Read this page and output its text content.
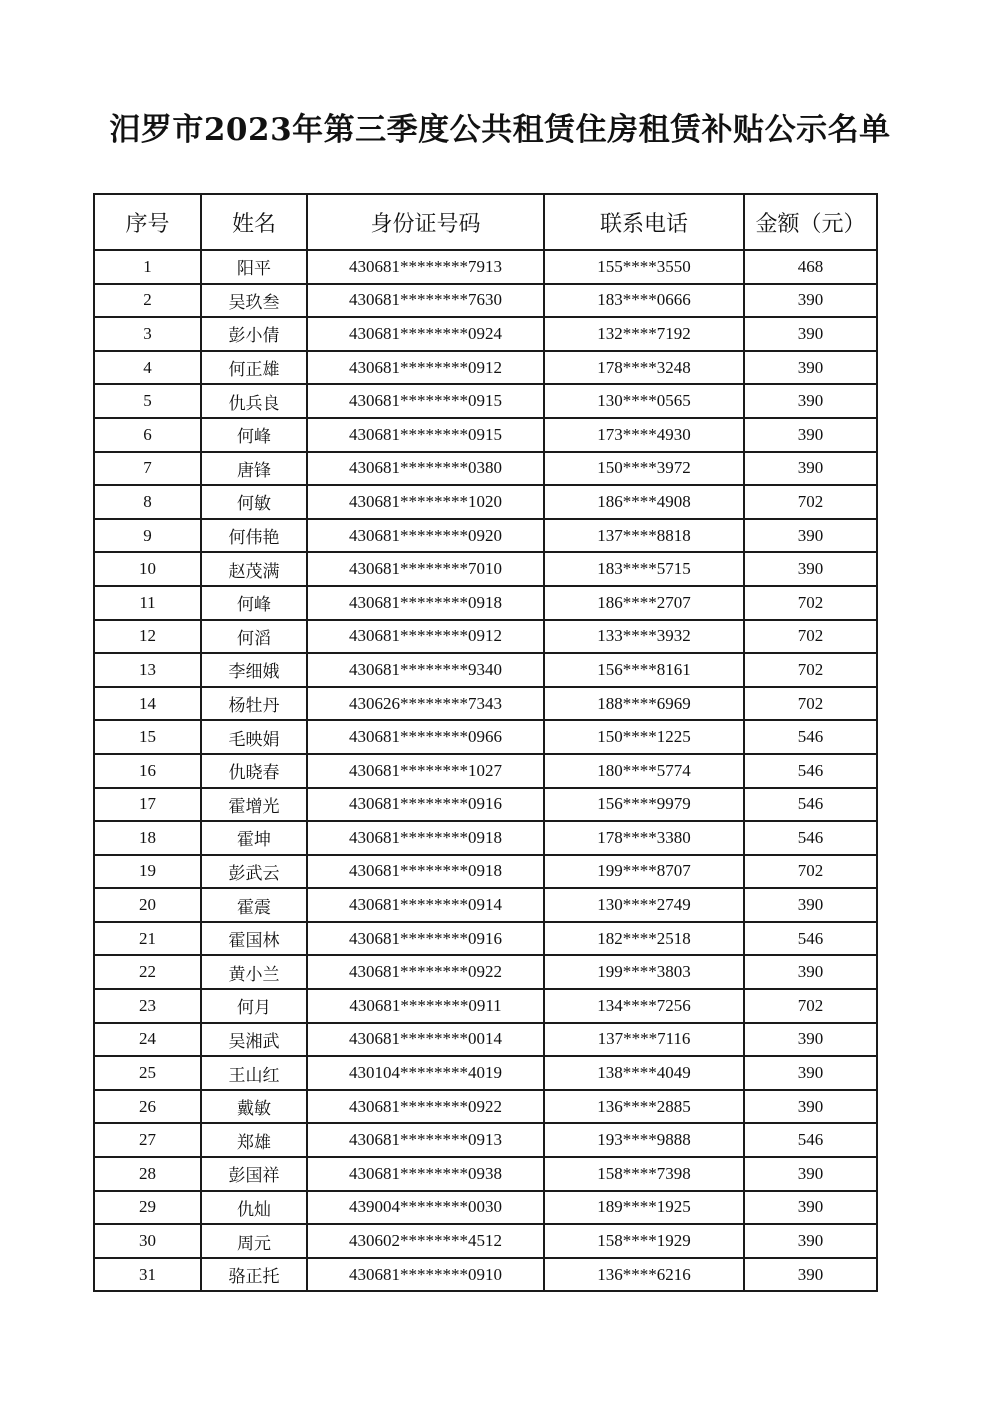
汨罗市2023年第三季度公共租赁住房租赁补贴公示名单
序号	姓名	身份证号码	联系电话	金额（元）
1	阳平	430681********7913	155****3550	468
2	吴玖叁	430681********7630	183****0666	390
3	彭小倩	430681********0924	132****7192	390
4	何正雄	430681********0912	178****3248	390
5	仇兵良	430681********0915	130****0565	390
6	何峰	430681********0915	173****4930	390
7	唐锋	430681********0380	150****3972	390
8	何敏	430681********1020	186****4908	702
9	何伟艳	430681********0920	137****8818	390
10	赵茂满	430681********7010	183****5715	390
11	何峰	430681********0918	186****2707	702
12	何滔	430681********0912	133****3932	702
13	李细娥	430681********9340	156****8161	702
14	杨牡丹	430626********7343	188****6969	702
15	毛映娟	430681********0966	150****1225	546
16	仇晓春	430681********1027	180****5774	546
17	霍增光	430681********0916	156****9979	546
18	霍坤	430681********0918	178****3380	546
19	彭武云	430681********0918	199****8707	702
20	霍震	430681********0914	130****2749	390
21	霍国林	430681********0916	182****2518	546
22	黄小兰	430681********0922	199****3803	390
23	何月	430681********0911	134****7256	702
24	吴湘武	430681********0014	137****7116	390
25	王山红	430104********4019	138****4049	390
26	戴敏	430681********0922	136****2885	390
27	郑雄	430681********0913	193****9888	546
28	彭国祥	430681********0938	158****7398	390
29	仇灿	439004********0030	189****1925	390
30	周元	430602********4512	158****1929	390
31	骆正托	430681********0910	136****6216	390
